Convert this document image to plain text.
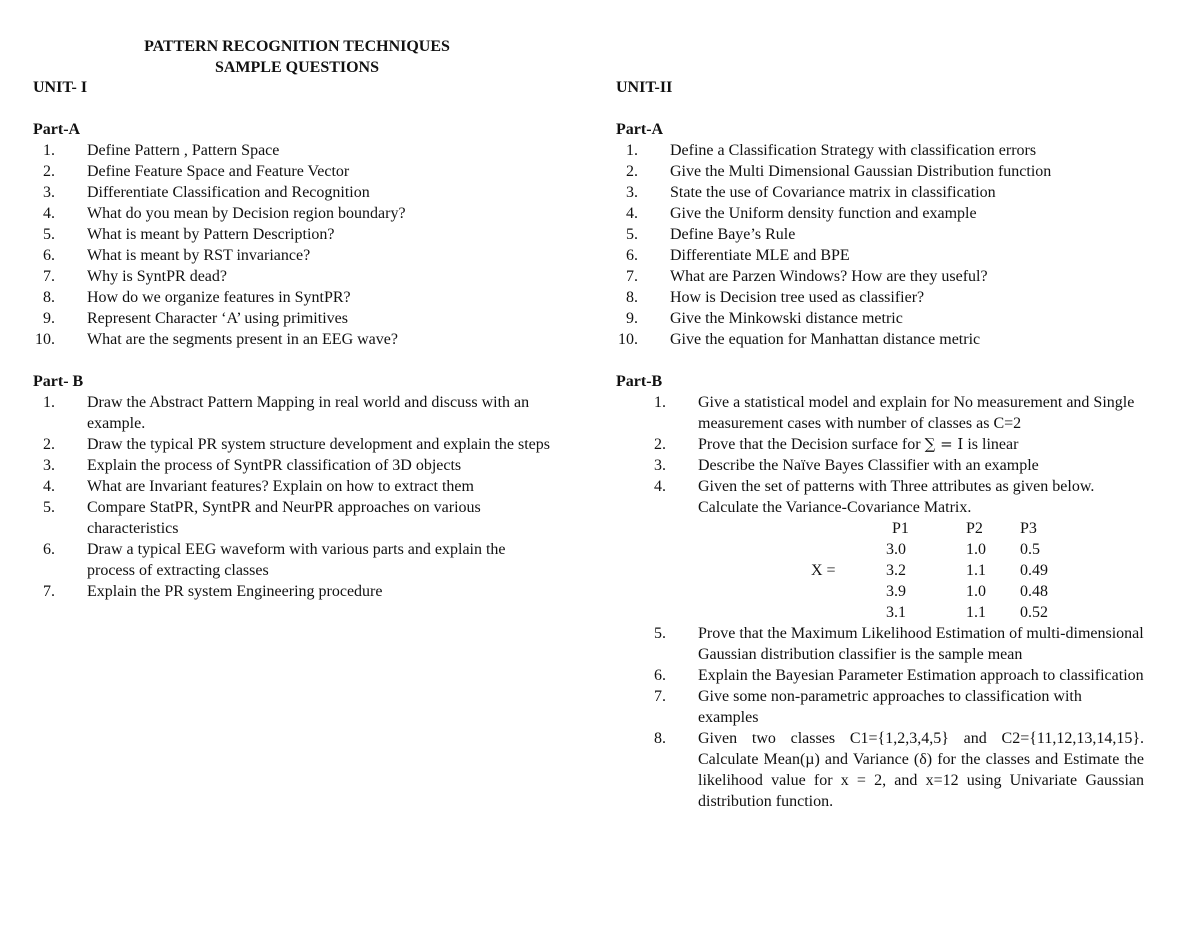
PATTERN RECOGNITION TECHNIQUES
SAMPLE QUESTIONS
UNIT- I
Part-A
1. Define Pattern , Pattern Space
2. Define Feature Space and Feature Vector
3. Differentiate Classification and Recognition
4. What do you mean by Decision region boundary?
5. What is meant by Pattern Description?
6. What is meant by RST invariance?
7. Why is SyntPR dead?
8. How do we organize features in SyntPR?
9. Represent Character ‘A’ using primitives
10. What are the segments present in an EEG wave?
Part- B
1. Draw the Abstract Pattern Mapping in real world and discuss with an example.
2. Draw the typical PR system structure development and explain the steps
3. Explain the process of SyntPR classification of 3D objects
4. What are Invariant features? Explain on how to extract them
5. Compare StatPR, SyntPR and NeurPR approaches on various characteristics
6. Draw a typical EEG waveform with various parts and explain the process of extracting classes
7. Explain the PR system Engineering procedure
UNIT-II
Part-A
1. Define a Classification Strategy with classification errors
2. Give the Multi Dimensional Gaussian Distribution function
3. State the use of Covariance matrix in classification
4. Give the Uniform density function and example
5. Define Baye’s Rule
6. Differentiate MLE and BPE
7. What are Parzen Windows? How are they useful?
8. How is Decision tree used as classifier?
9. Give the Minkowski distance metric
10. Give the equation for Manhattan distance metric
Part-B
1. Give a statistical model and explain for No measurement and Single measurement cases with number of classes as C=2
2. Prove that the Decision surface for ∑ = I is linear
3. Describe the Naïve Bayes Classifier with an example
4. Given the set of patterns with Three attributes as given below. Calculate the Variance-Covariance Matrix.
X =
P1	P2	P3
3.0	1.0	0.5
3.2	1.1	0.49
3.9	1.0	0.48
3.1	1.1	0.52
5. Prove that the Maximum Likelihood Estimation of multi-dimensional Gaussian distribution classifier is the sample mean
6. Explain the Bayesian Parameter Estimation approach to classification
7. Give some non-parametric approaches to classification with examples
8. Given two classes C1={1,2,3,4,5} and C2={11,12,13,14,15}. Calculate Mean(µ) and Variance (δ) for the classes and Estimate the likelihood value for x = 2, and x=12 using Univariate Gaussian distribution function.
